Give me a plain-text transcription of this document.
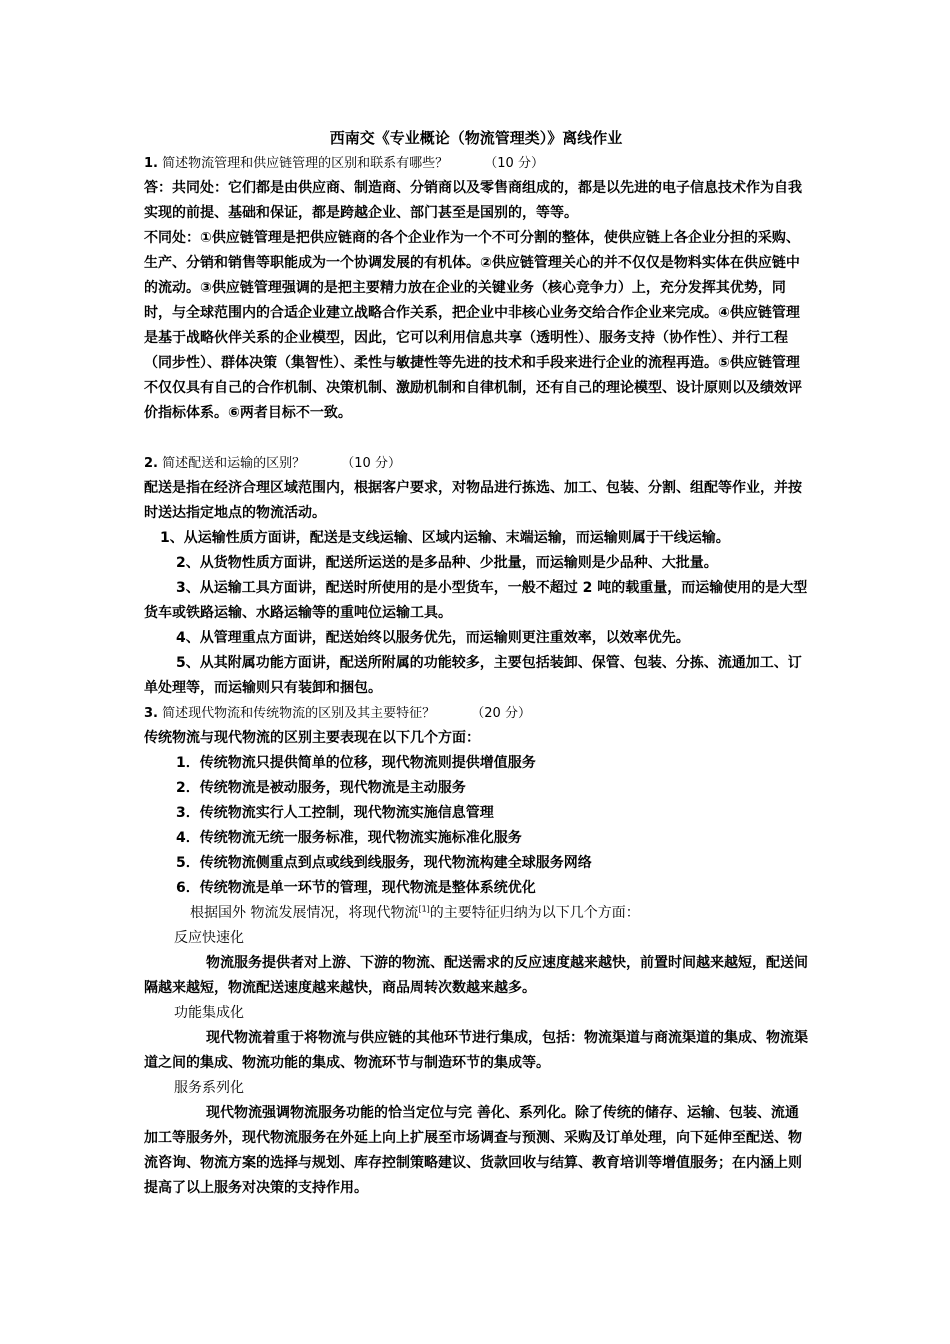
西南交《专业概论（物流管理类）》离线作业

1. 简述物流管理和供应链管理的区别和联系有哪些？	（10 分）

答：共同处：它们都是由供应商、制造商、分销商以及零售商组成的，都是以先进的电子信息技术作为自我实现的前提、基础和保证，都是跨越企业、部门甚至是国别的，等等。

不同处：①供应链管理是把供应链商的各个企业作为一个不可分割的整体，使供应链上各企业分担的采购、生产、分销和销售等职能成为一个协调发展的有机体。②供应链管理关心的并不仅仅是物料实体在供应链中的流动。③供应链管理强调的是把主要精力放在企业的关键业务（核心竞争力）上，充分发挥其优势，同时，与全球范围内的合适企业建立战略合作关系，把企业中非核心业务交给合作企业来完成。④供应链管理是基于战略伙伴关系的企业模型，因此，它可以利用信息共享（透明性）、服务支持（协作性）、并行工程（同步性）、群体决策（集智性）、柔性与敏捷性等先进的技术和手段来进行企业的流程再造。⑤供应链管理不仅仅具有自己的合作机制、决策机制、激励机制和自律机制，还有自己的理论模型、设计原则以及绩效评价指标体系。⑥两者目标不一致。

2. 简述配送和运输的区别？	（10 分）

配送是指在经济合理区域范围内，根据客户要求，对物品进行拣选、加工、包装、分割、组配等作业，并按时送达指定地点的物流活动。

1、从运输性质方面讲，配送是支线运输、区域内运输、末端运输，而运输则属于干线运输。

2、从货物性质方面讲，配送所运送的是多品种、少批量，而运输则是少品种、大批量。

3、从运输工具方面讲，配送时所使用的是小型货车，一般不超过 2 吨的载重量，而运输使用的是大型货车或铁路运输、水路运输等的重吨位运输工具。

4、从管理重点方面讲，配送始终以服务优先，而运输则更注重效率，以效率优先。

5、从其附属功能方面讲，配送所附属的功能较多，主要包括装卸、保管、包装、分拣、流通加工、订单处理等，而运输则只有装卸和捆包。

3. 简述现代物流和传统物流的区别及其主要特征？	（20 分）

传统物流与现代物流的区别主要表现在以下几个方面：

1．传统物流只提供简单的位移，现代物流则提供增值服务

2．传统物流是被动服务，现代物流是主动服务

3．传统物流实行人工控制，现代物流实施信息管理

4．传统物流无统一服务标准，现代物流实施标准化服务

5．传统物流侧重点到点或线到线服务，现代物流构建全球服务网络

6．传统物流是单一环节的管理，现代物流是整体系统优化

根据国外 物流发展情况，将现代物流[1]的主要特征归纳为以下几个方面：

反应快速化

物流服务提供者对上游、下游的物流、配送需求的反应速度越来越快，前置时间越来越短，配送间隔越来越短，物流配送速度越来越快，商品周转次数越来越多。

功能集成化

现代物流着重于将物流与供应链的其他环节进行集成，包括：物流渠道与商流渠道的集成、物流渠道之间的集成、物流功能的集成、物流环节与制造环节的集成等。

服务系列化

现代物流强调物流服务功能的恰当定位与完 善化、系列化。除了传统的储存、运输、包装、流通加工等服务外，现代物流服务在外延上向上扩展至市场调查与预测、采购及订单处理，向下延伸至配送、物流咨询、物流方案的选择与规划、库存控制策略建议、货款回收与结算、教育培训等增值服务；在内涵上则提高了以上服务对决策的支持作用。
